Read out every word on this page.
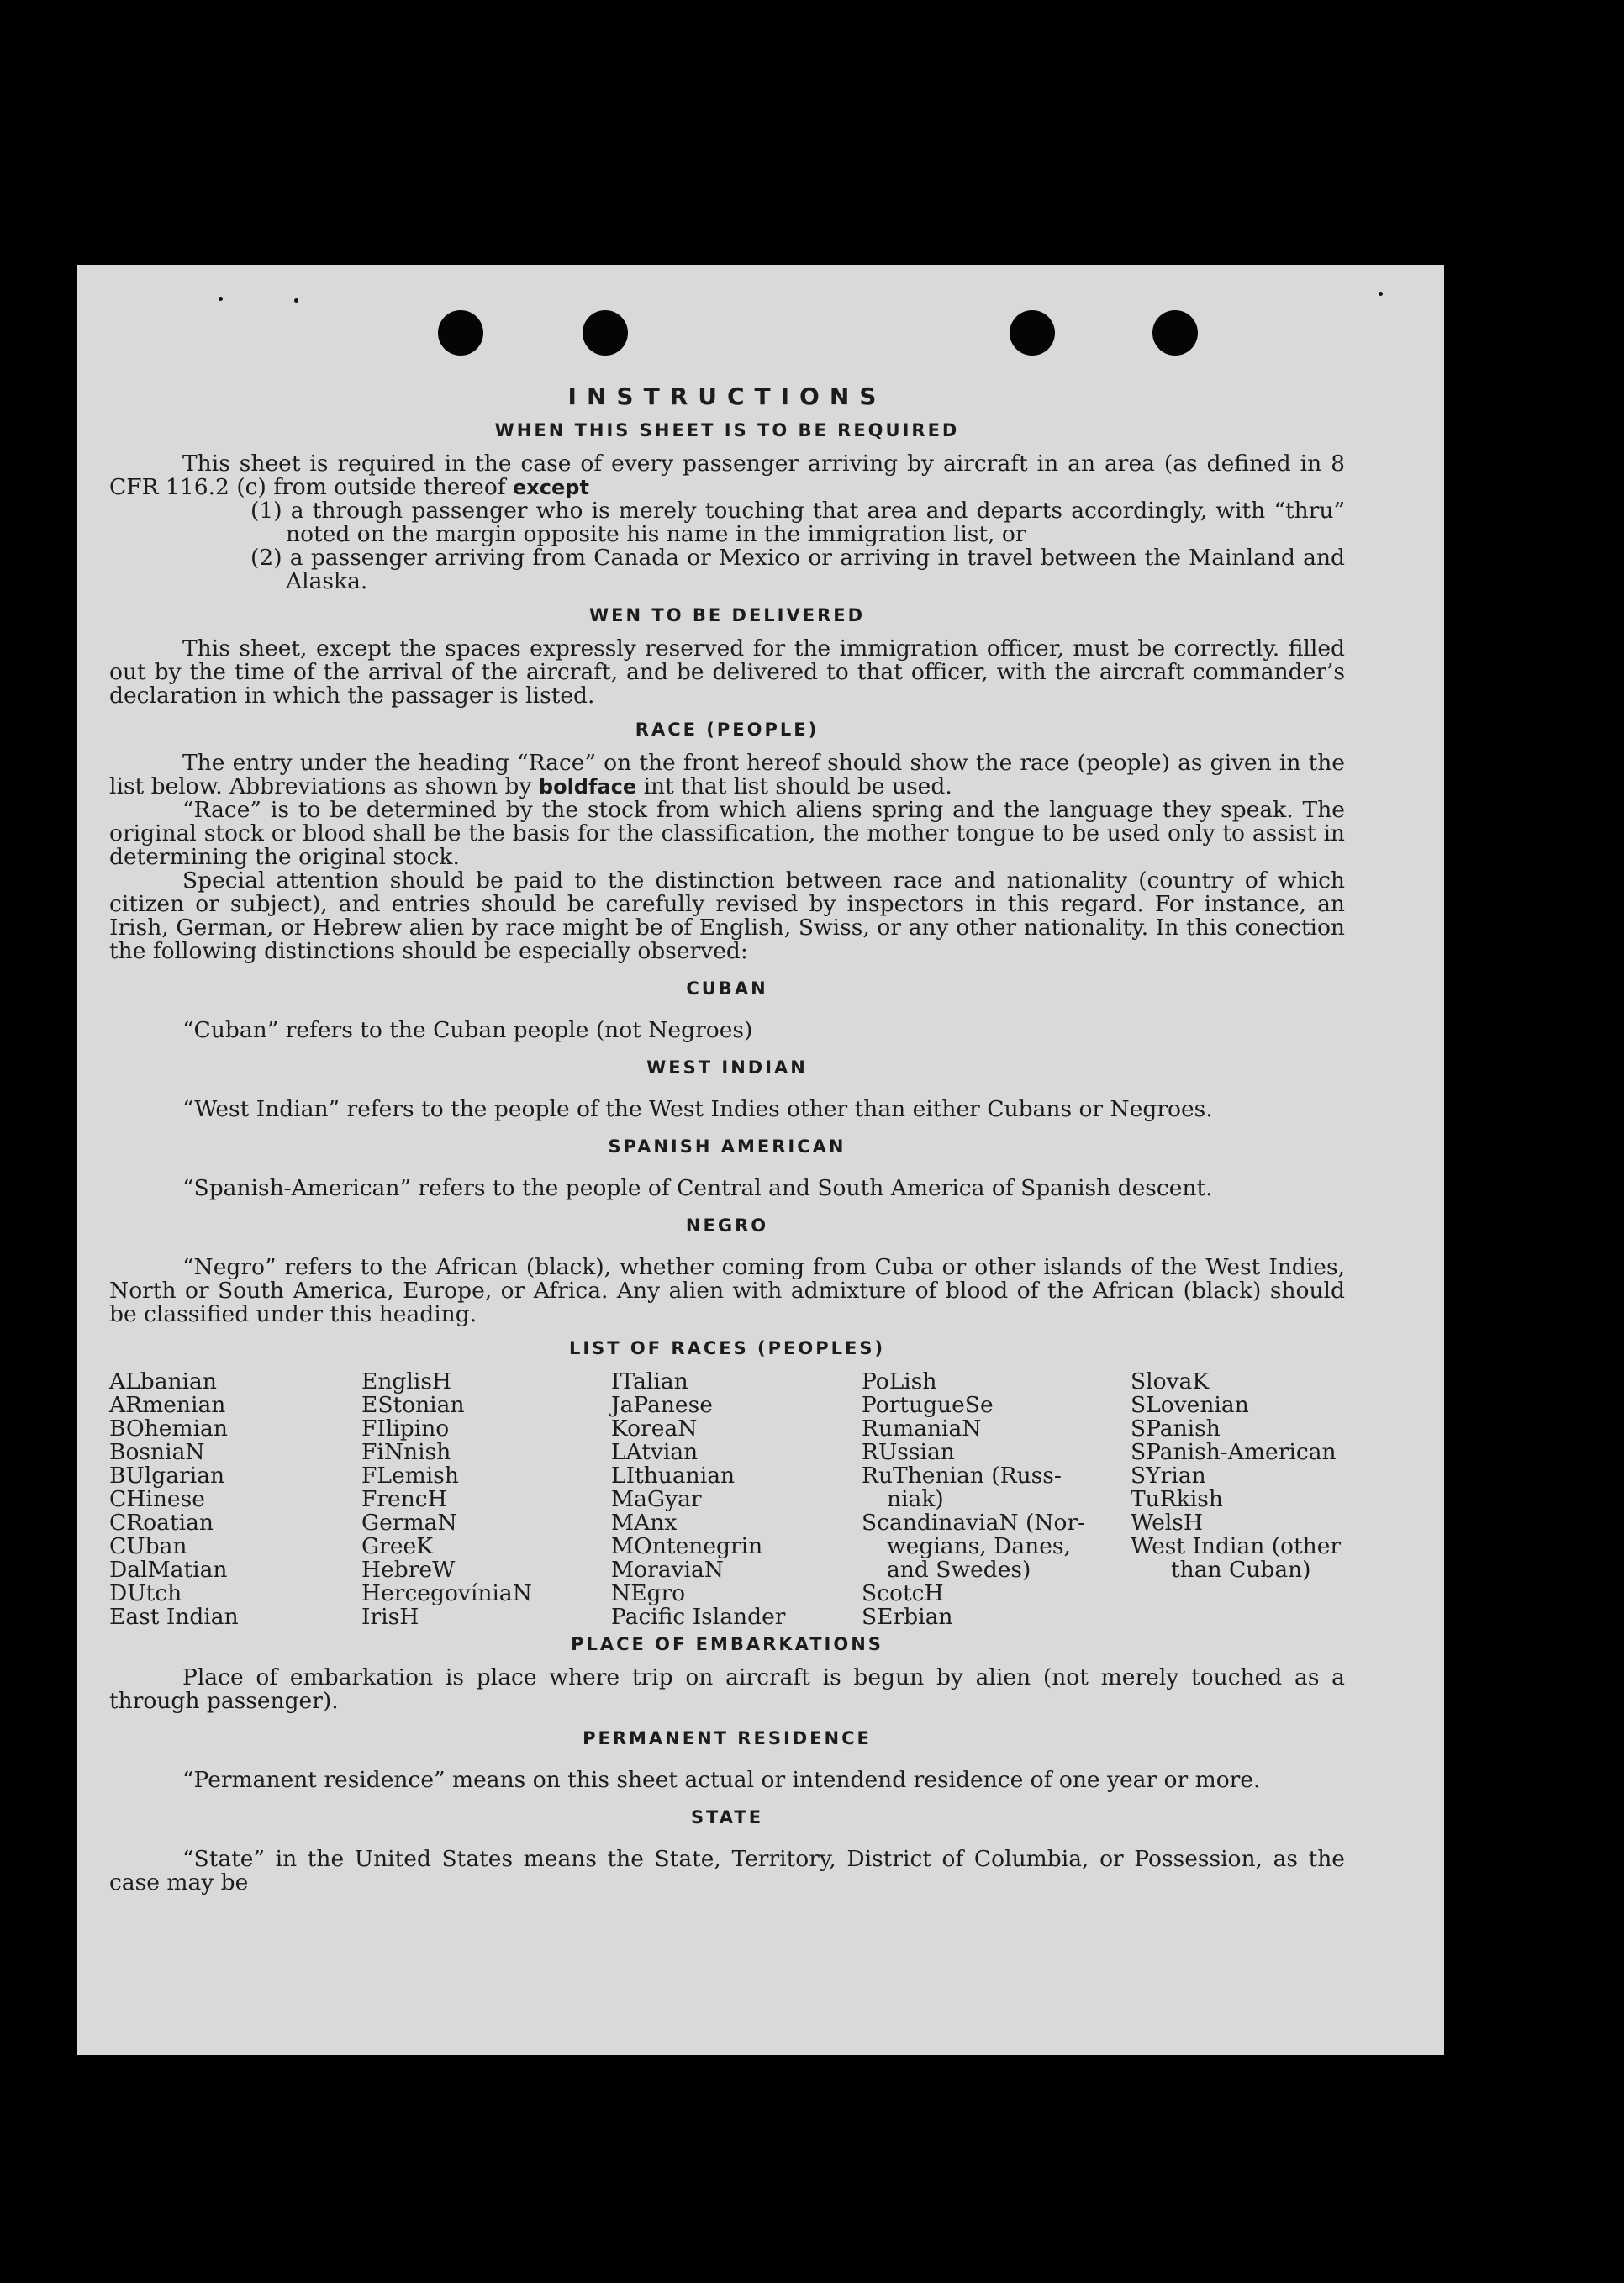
INSTRUCTIONS
WHEN THIS SHEET IS TO BE REQUIRED

This sheet is required in the case of every passenger arriving by aircraft in an area (as defined in 8 CFR 116.2 (c) from outside thereof except

(1) a through passenger who is merely touching that area and departs accordingly, with “thru” noted on the margin opposite his name in the immigration list, or

(2) a passenger arriving from Canada or Mexico or arriving in travel between the Mainland and Alaska.

WEN TO BE DELIVERED

This sheet, except the spaces expressly reserved for the immigration officer, must be correctly. filled out by the time of the arrival of the aircraft, and be delivered to that officer, with the aircraft commander’s declaration in which the passager is listed.

RACE (PEOPLE)

The entry under the heading “Race” on the front hereof should show the race (people) as given in the list below. Abbreviations as shown by boldface int that list should be used.

“Race” is to be determined by the stock from which aliens spring and the language they speak. The original stock or blood shall be the basis for the classification, the mother tongue to be used only to assist in determining the original stock.

Special attention should be paid to the distinction between race and nationality (country of which citizen or subject), and entries should be carefully revised by inspectors in this regard. For instance, an Irish, German, or Hebrew alien by race might be of English, Swiss, or any other nationality. In this conection the following distinctions should be especially observed:

CUBAN

“Cuban” refers to the Cuban people (not Negroes)

WEST INDIAN

“West Indian” refers to the people of the West Indies other than either Cubans or Negroes.

SPANISH AMERICAN

“Spanish-American” refers to the people of Central and South America of Spanish descent.

NEGRO

“Negro” refers to the African (black), whether coming from Cuba or other islands of the West Indies, North or South America, Europe, or Africa. Any alien with admixture of blood of the African (black) should be classified under this heading.

LIST OF RACES (PEOPLES)
ALbanian
ARmenian
BOhemian
BosniaN
BUlgarian
CHinese
CRoatian
CUban
DalMatian
DUtch
East Indian
EnglisH
EStonian
FIlipino
FiNnish
FLemish
FrencH
GermaN
GreeK
HebreW
HercegovíniaN
IrisH
ITalian
JaPanese
KoreaN
LAtvian
LIthuanian
MaGyar
MAnx
MOntenegrin
MoraviaN
NEgro
Pacific Islander
PoLish
PortugueSe
RumaniaN
RUssian
RuThenian (Russ-
niak)
ScandinaviaN (Nor-
wegians, Danes,
and Swedes)
ScotcH
SErbian
SlovaK
SLovenian
SPanish
SPanish-American
SYrian
TuRkish
WelsH
West Indian (other
than Cuban)
PLACE OF EMBARKATIONS

Place of embarkation is place where trip on aircraft is begun by alien (not merely touched as a through passenger).

PERMANENT RESIDENCE

“Permanent residence” means on this sheet actual or intendend residence of one year or more.

STATE

“State” in the United States means the State, Territory, District of Columbia, or Possession, as the case may be
